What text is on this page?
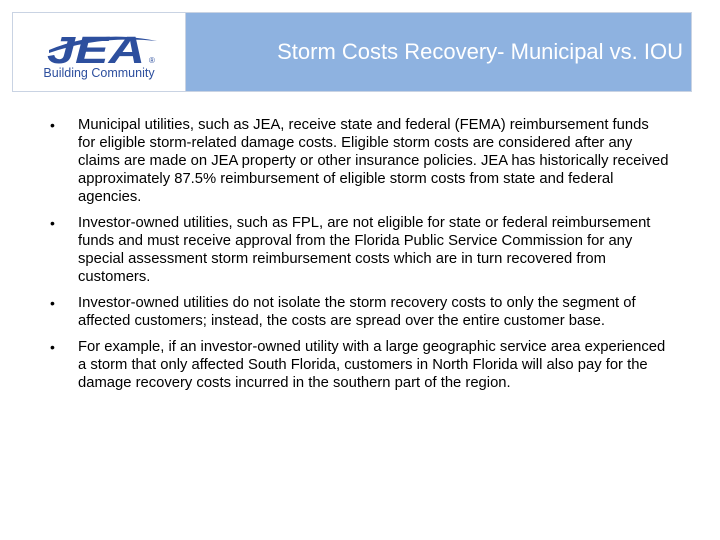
JEA ®
Building Community
Storm Costs Recovery- Municipal vs. IOU
• Municipal utilities, such as JEA, receive state and federal (FEMA) reimbursement funds for eligible storm-related damage costs. Eligible storm costs are considered after any claims are made on JEA property or other insurance policies. JEA has historically received approximately 87.5% reimbursement of eligible storm costs from state and federal agencies.
• Investor-owned utilities, such as FPL, are not eligible for state or federal reimbursement funds and must receive approval from the Florida Public Service Commission for any special assessment storm reimbursement costs which are in turn recovered from customers.
• Investor-owned utilities do not isolate the storm recovery costs to only the segment of affected customers; instead, the costs are spread over the entire customer base.
• For example, if an investor-owned utility with a large geographic service area experienced a storm that only affected South Florida, customers in North Florida will also pay for the damage recovery costs incurred in the southern part of the region.
